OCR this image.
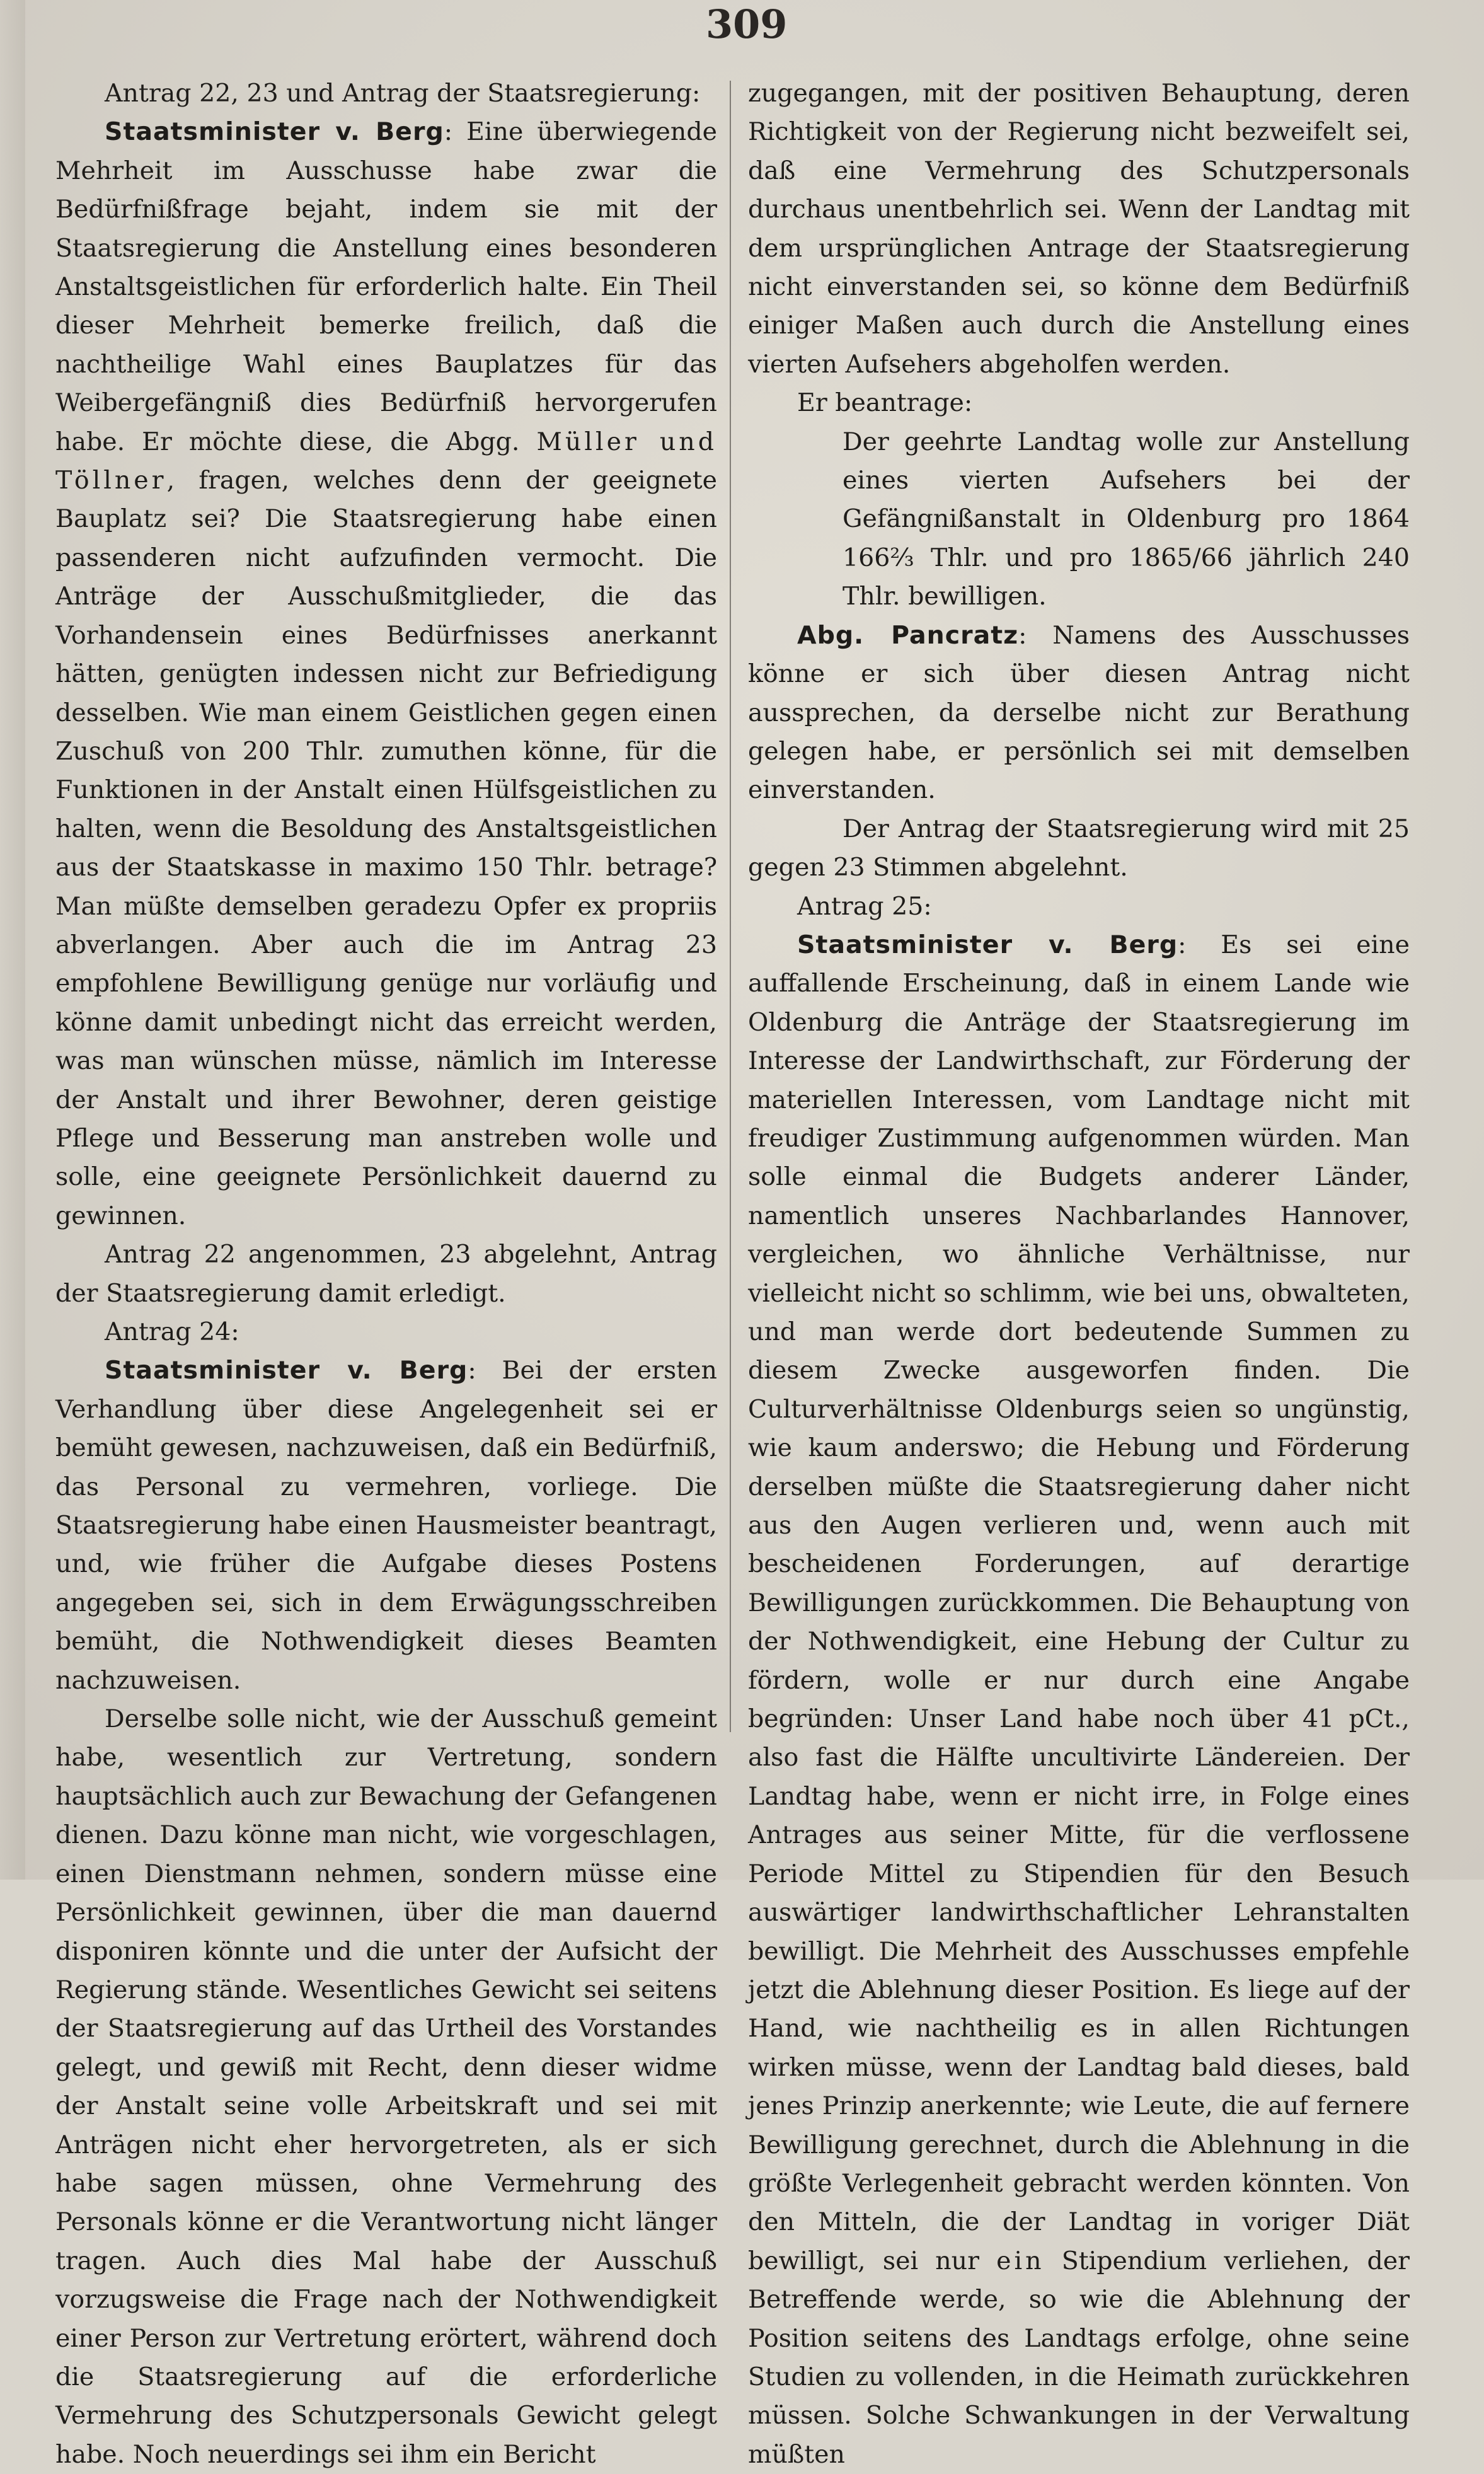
309

Antrag 22, 23 und Antrag der Staatsregierung:

Staatsminister v. Berg: Eine überwiegende Mehrheit im Ausschusse habe zwar die Bedürfnißfrage bejaht, indem sie mit der Staatsregierung die Anstellung eines besonderen Anstaltsgeistlichen für erforderlich halte. Ein Theil dieser Mehrheit bemerke freilich, daß die nachtheilige Wahl eines Bauplatzes für das Weibergefängniß dies Bedürfniß hervorgerufen habe. Er möchte diese, die Abgg. Müller und Töllner, fragen, welches denn der geeignete Bauplatz sei? Die Staatsregierung habe einen passenderen nicht aufzufinden vermocht. Die Anträge der Ausschußmitglieder, die das Vorhandensein eines Bedürfnisses anerkannt hätten, genügten indessen nicht zur Befriedigung desselben. Wie man einem Geistlichen gegen einen Zuschuß von 200 Thlr. zumuthen könne, für die Funktionen in der Anstalt einen Hülfsgeistlichen zu halten, wenn die Besoldung des Anstaltsgeistlichen aus der Staatskasse in maximo 150 Thlr. betrage? Man müßte demselben geradezu Opfer ex propriis abverlangen. Aber auch die im Antrag 23 empfohlene Bewilligung genüge nur vorläufig und könne damit unbedingt nicht das erreicht werden, was man wünschen müsse, nämlich im Interesse der Anstalt und ihrer Bewohner, deren geistige Pflege und Besserung man anstreben wolle und solle, eine geeignete Persönlichkeit dauernd zu gewinnen.

Antrag 22 angenommen, 23 abgelehnt, Antrag der Staatsregierung damit erledigt.

Antrag 24:

Staatsminister v. Berg: Bei der ersten Verhandlung über diese Angelegenheit sei er bemüht gewesen, nachzuweisen, daß ein Bedürfniß, das Personal zu vermehren, vorliege. Die Staatsregierung habe einen Hausmeister beantragt, und, wie früher die Aufgabe dieses Postens angegeben sei, sich in dem Erwägungsschreiben bemüht, die Nothwendigkeit dieses Beamten nachzuweisen.

Derselbe solle nicht, wie der Ausschuß gemeint habe, wesentlich zur Vertretung, sondern hauptsächlich auch zur Bewachung der Gefangenen dienen. Dazu könne man nicht, wie vorgeschlagen, einen Dienstmann nehmen, sondern müsse eine Persönlichkeit gewinnen, über die man dauernd disponiren könnte und die unter der Aufsicht der Regierung stände. Wesentliches Gewicht sei seitens der Staatsregierung auf das Urtheil des Vorstandes gelegt, und gewiß mit Recht, denn dieser widme der Anstalt seine volle Arbeitskraft und sei mit Anträgen nicht eher hervorgetreten, als er sich habe sagen müssen, ohne Vermehrung des Personals könne er die Verantwortung nicht länger tragen. Auch dies Mal habe der Ausschuß vorzugsweise die Frage nach der Nothwendigkeit einer Person zur Vertretung erörtert, während doch die Staatsregierung auf die erforderliche Vermehrung des Schutzpersonals Gewicht gelegt habe. Noch neuerdings sei ihm ein Bericht

zugegangen, mit der positiven Behauptung, deren Richtigkeit von der Regierung nicht bezweifelt sei, daß eine Vermehrung des Schutzpersonals durchaus unentbehrlich sei. Wenn der Landtag mit dem ursprünglichen Antrage der Staatsregierung nicht einverstanden sei, so könne dem Bedürfniß einiger Maßen auch durch die Anstellung eines vierten Aufsehers abgeholfen werden.

Er beantrage:

Der geehrte Landtag wolle zur Anstellung eines vierten Aufsehers bei der Gefängnißanstalt in Oldenburg pro 1864 166⅔ Thlr. und pro 1865/66 jährlich 240 Thlr. bewilligen.

Abg. Pancratz: Namens des Ausschusses könne er sich über diesen Antrag nicht aussprechen, da derselbe nicht zur Berathung gelegen habe, er persönlich sei mit demselben einverstanden.

Der Antrag der Staatsregierung wird mit 25 gegen 23 Stimmen abgelehnt.

Antrag 25:

Staatsminister v. Berg: Es sei eine auffallende Erscheinung, daß in einem Lande wie Oldenburg die Anträge der Staatsregierung im Interesse der Landwirthschaft, zur Förderung der materiellen Interessen, vom Landtage nicht mit freudiger Zustimmung aufgenommen würden. Man solle einmal die Budgets anderer Länder, namentlich unseres Nachbarlandes Hannover, vergleichen, wo ähnliche Verhältnisse, nur vielleicht nicht so schlimm, wie bei uns, obwalteten, und man werde dort bedeutende Summen zu diesem Zwecke ausgeworfen finden. Die Culturverhältnisse Oldenburgs seien so ungünstig, wie kaum anderswo; die Hebung und Förderung derselben müßte die Staatsregierung daher nicht aus den Augen verlieren und, wenn auch mit bescheidenen Forderungen, auf derartige Bewilligungen zurückkommen. Die Behauptung von der Nothwendigkeit, eine Hebung der Cultur zu fördern, wolle er nur durch eine Angabe begründen: Unser Land habe noch über 41 pCt., also fast die Hälfte uncultivirte Ländereien. Der Landtag habe, wenn er nicht irre, in Folge eines Antrages aus seiner Mitte, für die verflossene Periode Mittel zu Stipendien für den Besuch auswärtiger landwirthschaftlicher Lehranstalten bewilligt. Die Mehrheit des Ausschusses empfehle jetzt die Ablehnung dieser Position. Es liege auf der Hand, wie nachtheilig es in allen Richtungen wirken müsse, wenn der Landtag bald dieses, bald jenes Prinzip anerkennte; wie Leute, die auf fernere Bewilligung gerechnet, durch die Ablehnung in die größte Verlegenheit gebracht werden könnten. Von den Mitteln, die der Landtag in voriger Diät bewilligt, sei nur ein Stipendium verliehen, der Betreffende werde, so wie die Ablehnung der Position seitens des Landtags erfolge, ohne seine Studien zu vollenden, in die Heimath zurückkehren müssen. Solche Schwankungen in der Verwaltung müßten
